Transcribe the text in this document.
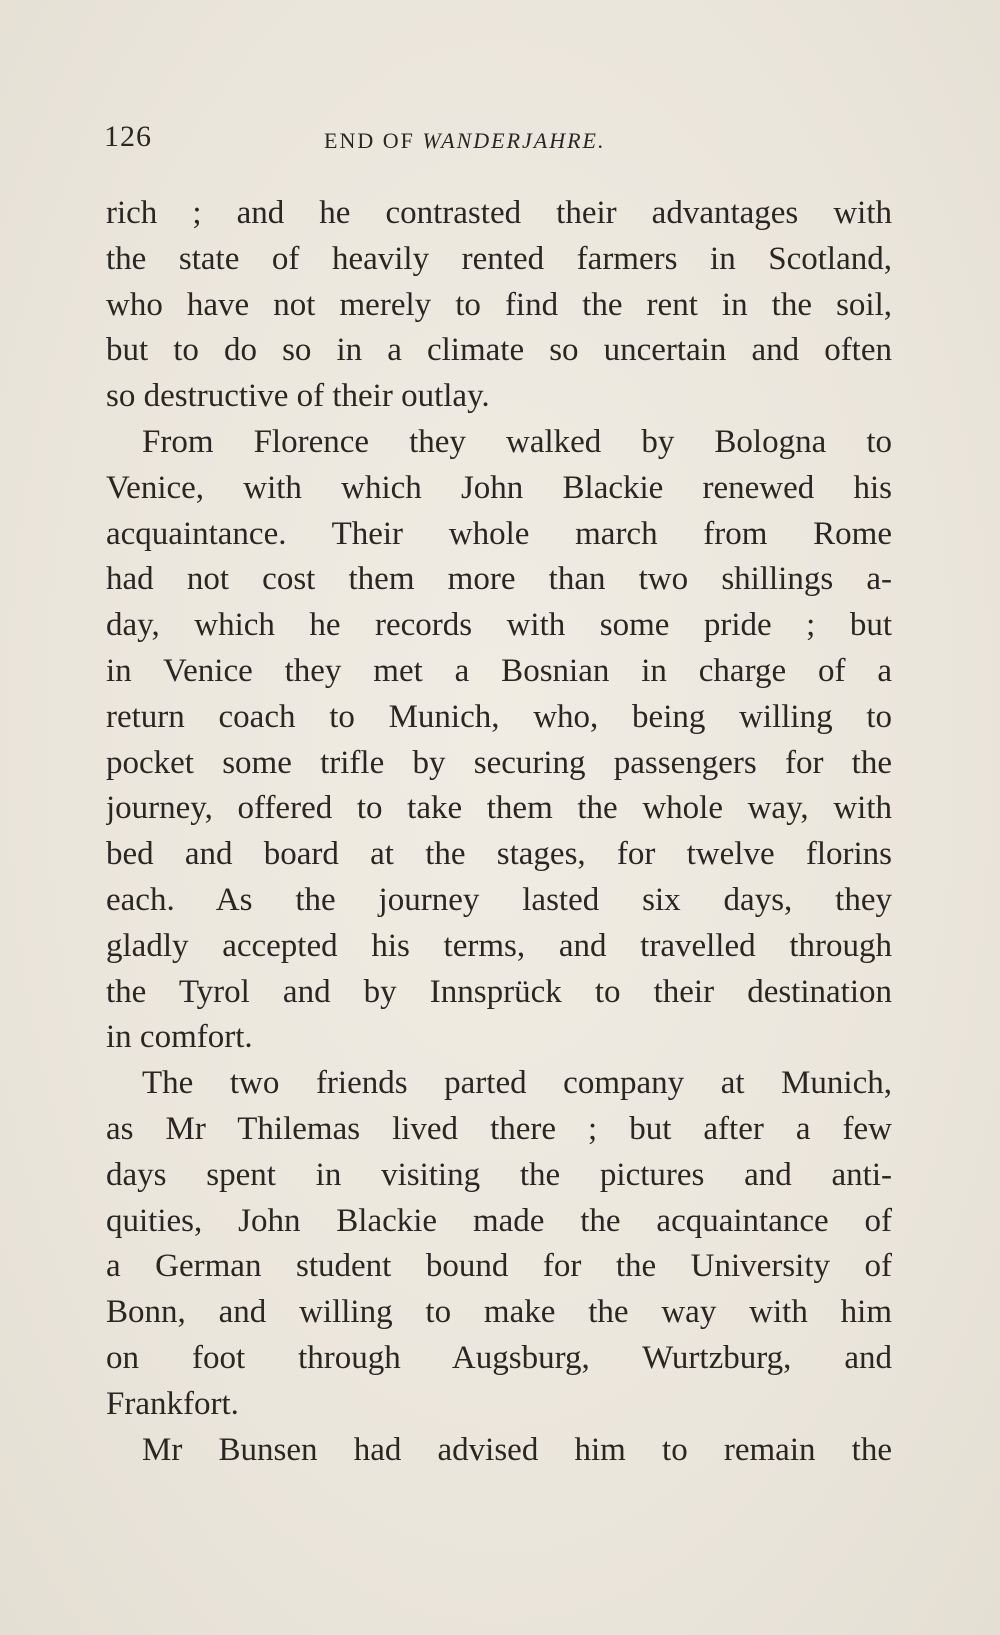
126	END OF WANDERJAHRE.
rich ; and he contrasted their advantages with
the state of heavily rented farmers in Scotland,
who have not merely to find the rent in the soil,
but to do so in a climate so uncertain and often
so destructive of their outlay.
From Florence they walked by Bologna to
Venice, with which John Blackie renewed his
acquaintance. Their whole march from Rome
had not cost them more than two shillings a-
day, which he records with some pride ; but
in Venice they met a Bosnian in charge of a
return coach to Munich, who, being willing to
pocket some trifle by securing passengers for the
journey, offered to take them the whole way, with
bed and board at the stages, for twelve florins
each. As the journey lasted six days, they
gladly accepted his terms, and travelled through
the Tyrol and by Innsprück to their destination
in comfort.
The two friends parted company at Munich,
as Mr Thilemas lived there ; but after a few
days spent in visiting the pictures and anti-
quities, John Blackie made the acquaintance of
a German student bound for the University of
Bonn, and willing to make the way with him
on foot through Augsburg, Wurtzburg, and
Frankfort.
Mr Bunsen had advised him to remain the
